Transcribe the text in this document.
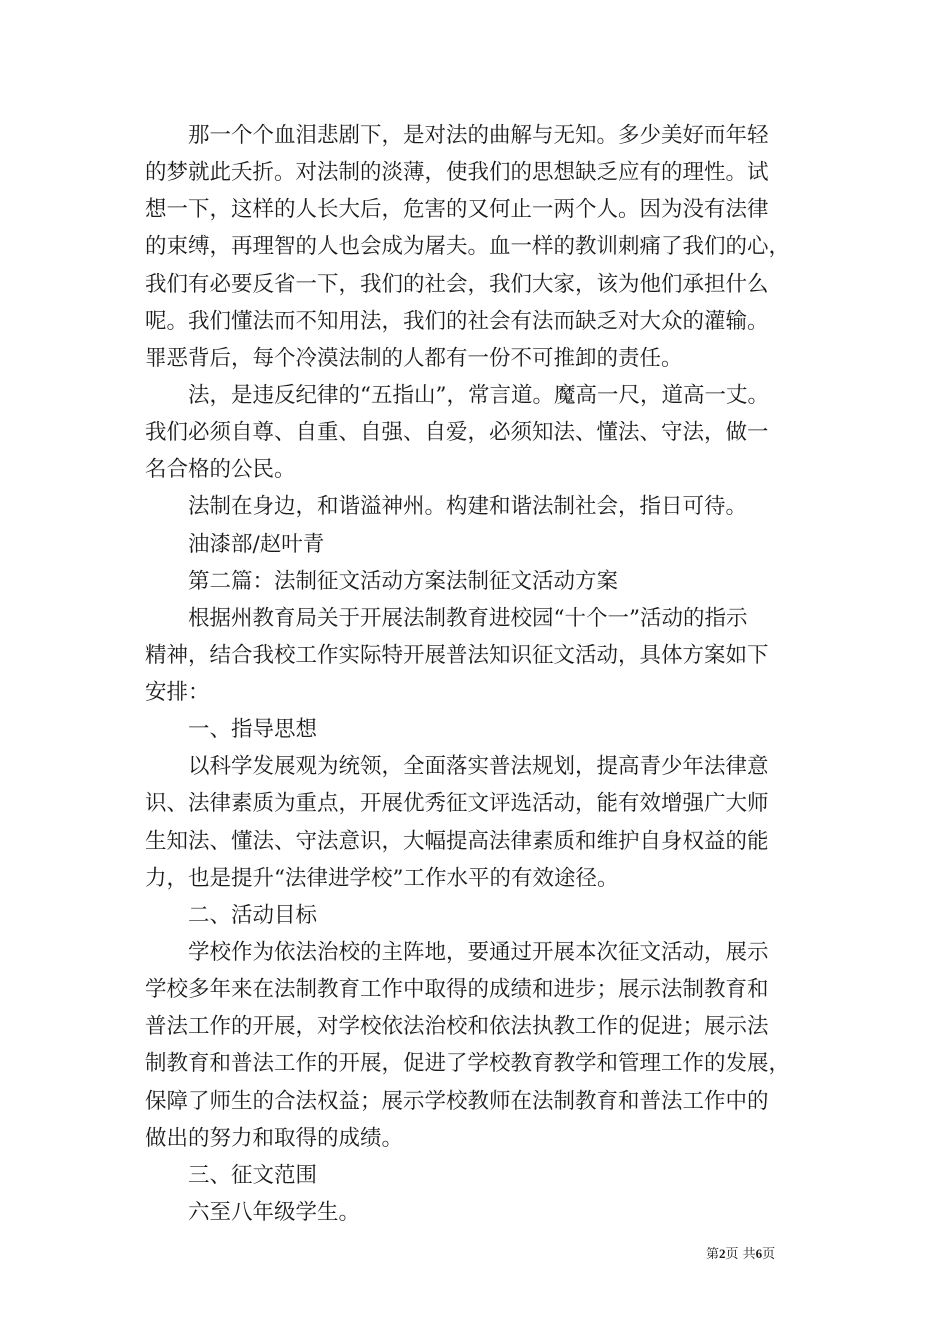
　　那一个个血泪悲剧下，是对法的曲解与无知。多少美好而年轻
的梦就此夭折。对法制的淡薄，使我们的思想缺乏应有的理性。试
想一下，这样的人长大后，危害的又何止一两个人。因为没有法律
的束缚，再理智的人也会成为屠夫。血一样的教训刺痛了我们的心，
我们有必要反省一下，我们的社会，我们大家，该为他们承担什么
呢。我们懂法而不知用法，我们的社会有法而缺乏对大众的灌输。
罪恶背后，每个冷漠法制的人都有一份不可推卸的责任。
　　法，是违反纪律的“五指山”，常言道。魔高一尺，道高一丈。
我们必须自尊、自重、自强、自爱，必须知法、懂法、守法，做一
名合格的公民。
　　法制在身边，和谐溢神州。构建和谐法制社会，指日可待。
　　油漆部/赵叶青
　　第二篇：法制征文活动方案法制征文活动方案
　　根据州教育局关于开展法制教育进校园“十个一”活动的指示
精神，结合我校工作实际特开展普法知识征文活动，具体方案如下
安排：
　　一、指导思想
　　以科学发展观为统领，全面落实普法规划，提高青少年法律意
识、法律素质为重点，开展优秀征文评选活动，能有效增强广大师
生知法、懂法、守法意识，大幅提高法律素质和维护自身权益的能
力，也是提升“法律进学校”工作水平的有效途径。
　　二、活动目标
　　学校作为依法治校的主阵地，要通过开展本次征文活动，展示
学校多年来在法制教育工作中取得的成绩和进步；展示法制教育和
普法工作的开展，对学校依法治校和依法执教工作的促进；展示法
制教育和普法工作的开展，促进了学校教育教学和管理工作的发展，
保障了师生的合法权益；展示学校教师在法制教育和普法工作中的
做出的努力和取得的成绩。
　　三、征文范围
　　六至八年级学生。
第2页 共6页
